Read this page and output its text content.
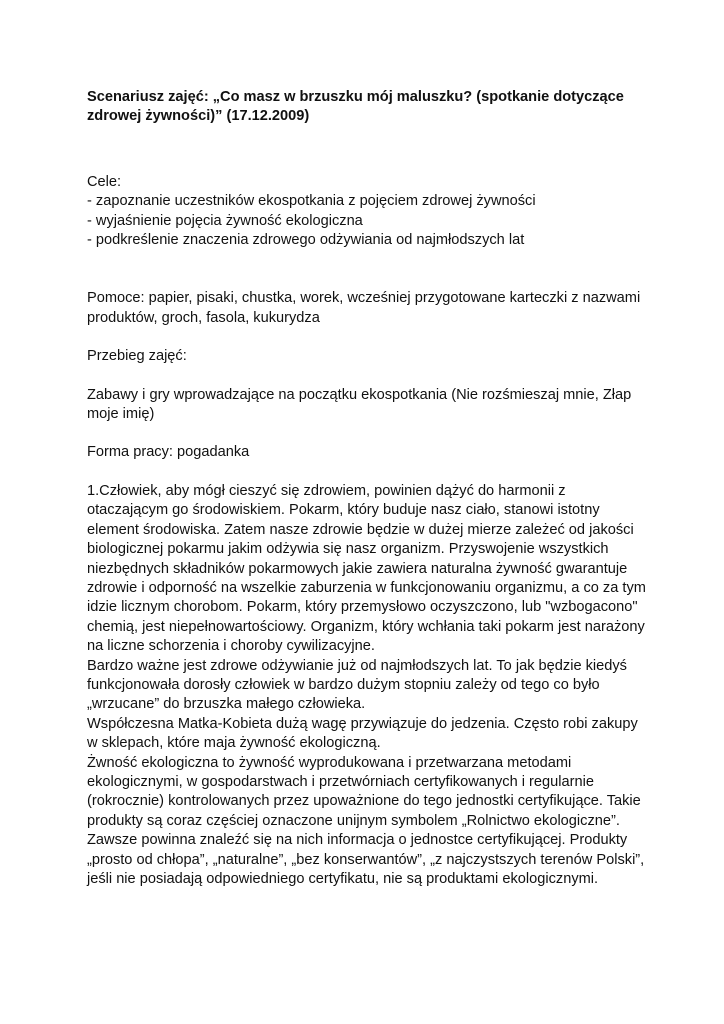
Scenariusz zajęć: „Co masz w brzuszku mój maluszku? (spotkanie dotyczące zdrowej żywności)” (17.12.2009)

Cele:
- zapoznanie uczestników ekospotkania z pojęciem zdrowej żywności
- wyjaśnienie pojęcia żywność ekologiczna
- podkreślenie znaczenia zdrowego odżywiania od najmłodszych lat

Pomoce: papier, pisaki, chustka, worek, wcześniej przygotowane karteczki z nazwami produktów, groch, fasola, kukurydza

Przebieg zajęć:

Zabawy i gry wprowadzające na początku ekospotkania (Nie rozśmieszaj mnie, Złap moje imię)

Forma pracy: pogadanka

1.Człowiek, aby mógł cieszyć się zdrowiem, powinien dążyć do harmonii z otaczającym go środowiskiem. Pokarm, który buduje nasz ciało, stanowi istotny element środowiska. Zatem nasze zdrowie będzie w dużej mierze zależeć od jakości biologicznej pokarmu jakim odżywia się nasz organizm. Przyswojenie wszystkich niezbędnych składników pokarmowych jakie zawiera naturalna żywność gwarantuje zdrowie i odporność na wszelkie zaburzenia w funkcjonowaniu organizmu, a co za tym idzie licznym chorobom. Pokarm, który przemysłowo oczyszczono, lub "wzbogacono" chemią, jest niepełnowartościowy. Organizm, który wchłania taki pokarm jest narażony na liczne schorzenia i choroby cywilizacyjne.

Bardzo ważne jest zdrowe odżywianie już od najmłodszych lat. To jak będzie kiedyś funkcjonowała dorosły człowiek w bardzo dużym stopniu zależy od tego co było „wrzucane” do brzuszka małego człowieka.

Współczesna Matka-Kobieta dużą wagę przywiązuje do jedzenia. Często robi zakupy w sklepach, które maja żywność ekologiczną.

Żwność ekologiczna to żywność wyprodukowana i przetwarzana metodami ekologicznymi, w gospodarstwach i przetwórniach certyfikowanych i regularnie (rokrocznie) kontrolowanych przez upoważnione do tego jednostki certyfikujące. Takie produkty są coraz częściej oznaczone unijnym symbolem „Rolnictwo ekologiczne”. Zawsze powinna znaleźć się na nich informacja o jednostce certyfikującej. Produkty „prosto od chłopa”, „naturalne”, „bez konserwantów”, „z najczystszych terenów Polski”, jeśli nie posiadają odpowiedniego certyfikatu, nie są produktami ekologicznymi.
